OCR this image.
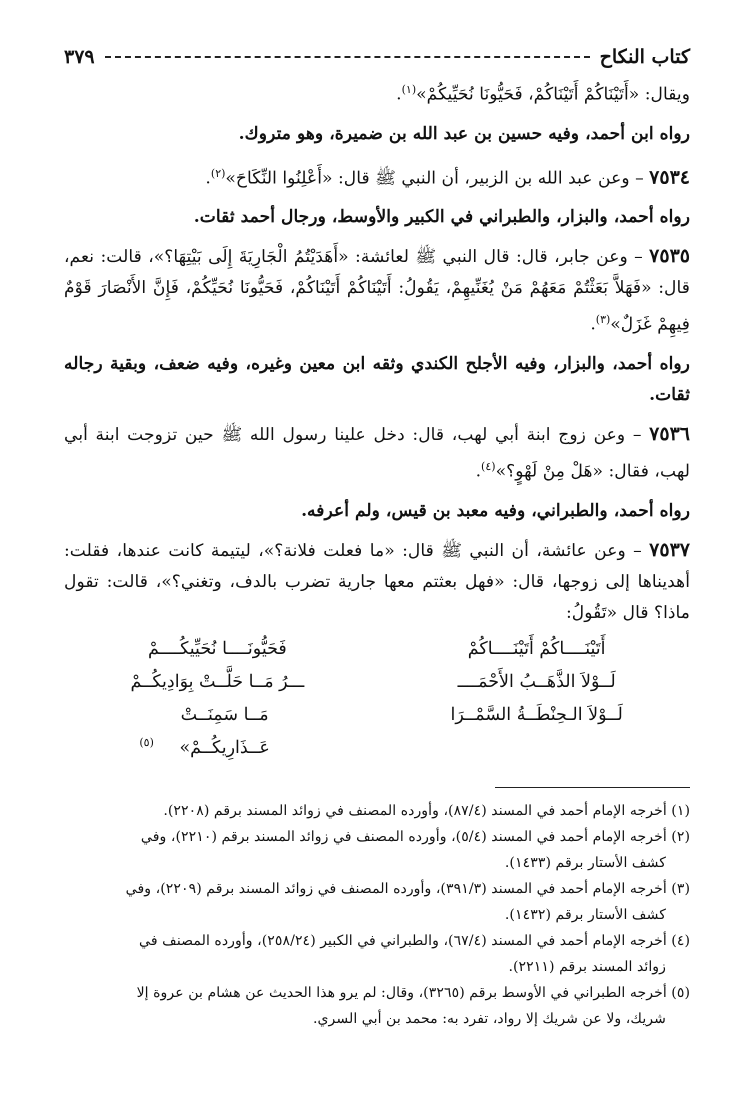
كتاب النكاح
٣٧٩

ويقال: «أَتَيْنَاكُمْ أَتَيْنَاكُمْ، فَحَيُّونَا نُحَيِّيكُمْ»$^{(١)}$.

رواه ابن أحمد، وفيه حسين بن عبد الله بن ضميرة، وهو متروك.

٧٥٣٤ – وعن عبد الله بن الزبير، أن النبي ﷺ قال: «أَعْلِنُوا النِّكَاحَ»$^{(٢)}$.

رواه أحمد، والبزار، والطبراني في الكبير والأوسط، ورجال أحمد ثقات.

٧٥٣٥ – وعن جابر، قال: قال النبي ﷺ لعائشة: «أَهَدَيْتُمُ الْجَارِيَةَ إِلَى بَيْتِهَا؟»، قالت: نعم، قال: «فَهَلاَّ بَعَثْتُمْ مَعَهُمْ مَنْ يُغَنِّيهِمْ، يَقُولُ: أَتَيْنَاكُمْ أَتَيْنَاكُمْ، فَحَيُّونَا نُحَيِّكُمْ، فَإِنَّ الأَنْصَارَ قَوْمٌ فِيهِمْ غَزَلٌ»$^{(٣)}$.

رواه أحمد، والبزار، وفيه الأجلح الكندي وثقه ابن معين وغيره، وفيه ضعف، وبقية رجاله ثقات.

٧٥٣٦ – وعن زوج ابنة أبي لهب، قال: دخل علينا رسول الله ﷺ حين تزوجت ابنة أبي لهب، فقال: «هَلْ مِنْ لَهْوٍ؟»$^{(٤)}$.

رواه أحمد، والطبراني، وفيه معبد بن قيس، ولم أعرفه.

٧٥٣٧ – وعن عائشة، أن النبي ﷺ قال: «ما فعلت فلانة؟»، ليتيمة كانت عندها، فقلت: أهديناها إلى زوجها، قال: «فهل بعثتم معها جارية تضرب بالدف، وتغني؟»، قالت: تقول ماذا؟ قال «تَقُولُ:

أَتَيْنَــــاكُمْ أَتَيْنَــــاكُمْ
فَحَيُّونَــــا نُحَيِّيكُــــمْ
لَــوْلاَ الذَّهَــبُ الأَحْمَــــ
ـــرُ مَــا حَلَّــتْ بِوَادِيكُــمْ
لَــوْلاَ الـحِنْطَــةُ السَّمْــرَا
مَــا سَمِنَــتْ عَــذَارِيكُــمْ»$^{(٥)}$

(١) أخرجه الإمام أحمد في المسند (٨٧/٤)، وأورده المصنف في زوائد المسند برقم (٢٢٠٨).

(٢) أخرجه الإمام أحمد في المسند (٥/٤)، وأورده المصنف في زوائد المسند برقم (٢٢١٠)، وفي

كشف الأستار برقم (١٤٣٣).

(٣) أخرجه الإمام أحمد في المسند (٣٩١/٣)، وأورده المصنف في زوائد المسند برقم (٢٢٠٩)، وفي

كشف الأستار برقم (١٤٣٢).

(٤) أخرجه الإمام أحمد في المسند (٦٧/٤)، والطبراني في الكبير (٢٥٨/٢٤)، وأورده المصنف في

زوائد المسند برقم (٢٢١١).

(٥) أخرجه الطبراني في الأوسط برقم (٣٢٦٥)، وقال: لم يرو هذا الحديث عن هشام بن عروة إلا

شريك، ولا عن شريك إلا رواد، تفرد به: محمد بن أبي السري.
